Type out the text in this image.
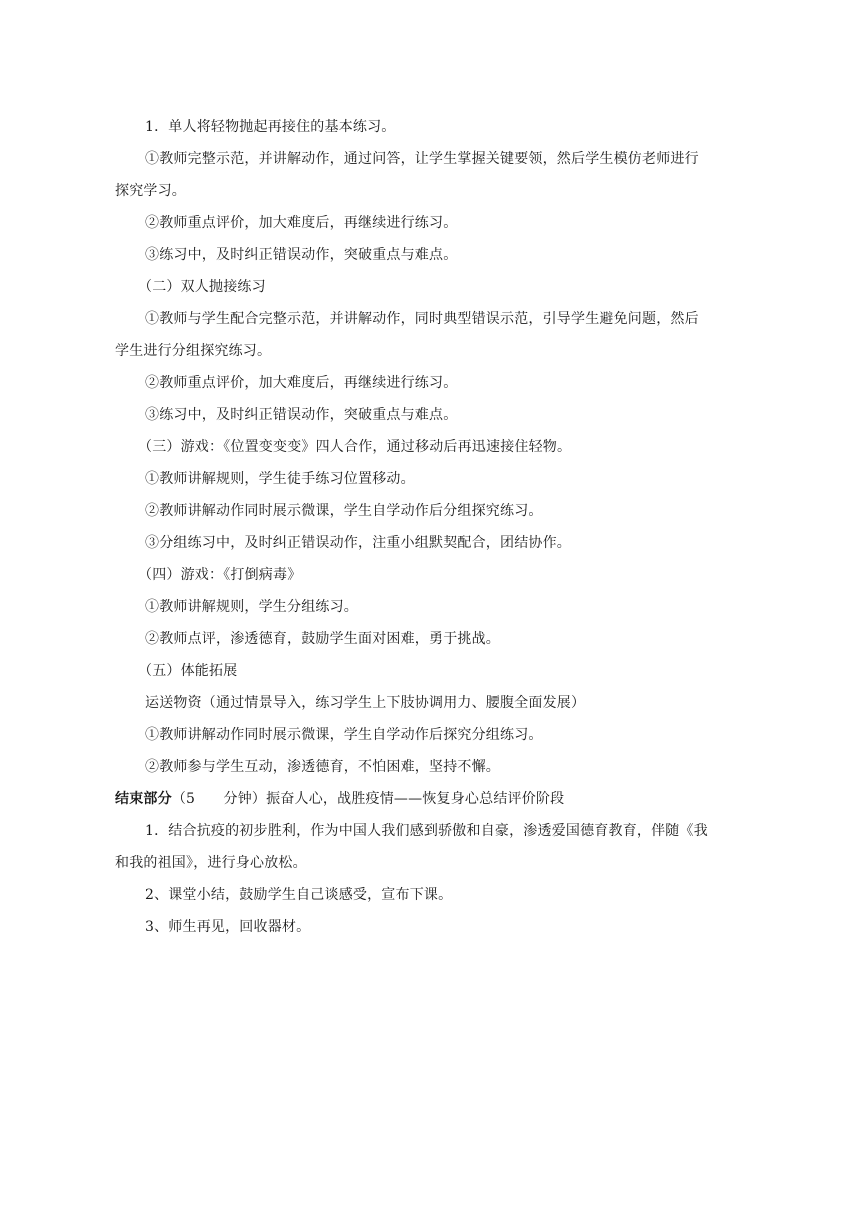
1．单人将轻物抛起再接住的基本练习。
①教师完整示范，并讲解动作，通过问答，让学生掌握关键要领，然后学生模仿老师进行
探究学习。
②教师重点评价，加大难度后，再继续进行练习。
③练习中，及时纠正错误动作，突破重点与难点。
（二）双人抛接练习
①教师与学生配合完整示范，并讲解动作，同时典型错误示范，引导学生避免问题，然后
学生进行分组探究练习。
②教师重点评价，加大难度后，再继续进行练习。
③练习中，及时纠正错误动作，突破重点与难点。
（三）游戏：《位置变变变》四人合作，通过移动后再迅速接住轻物。
①教师讲解规则，学生徒手练习位置移动。
②教师讲解动作同时展示微课，学生自学动作后分组探究练习。
③分组练习中，及时纠正错误动作，注重小组默契配合，团结协作。
（四）游戏：《打倒病毒》
①教师讲解规则，学生分组练习。
②教师点评，渗透德育，鼓励学生面对困难，勇于挑战。
（五）体能拓展
运送物资（通过情景导入，练习学生上下肢协调用力、腰腹全面发展）
①教师讲解动作同时展示微课，学生自学动作后探究分组练习。
②教师参与学生互动，渗透德育，不怕困难，坚持不懈。
结束部分（5　　分钟）振奋人心，战胜疫情——恢复身心总结评价阶段
1．结合抗疫的初步胜利，作为中国人我们感到骄傲和自豪，渗透爱国德育教育，伴随《我
和我的祖国》，进行身心放松。
2、课堂小结，鼓励学生自己谈感受，宣布下课。
3、师生再见，回收器材。
